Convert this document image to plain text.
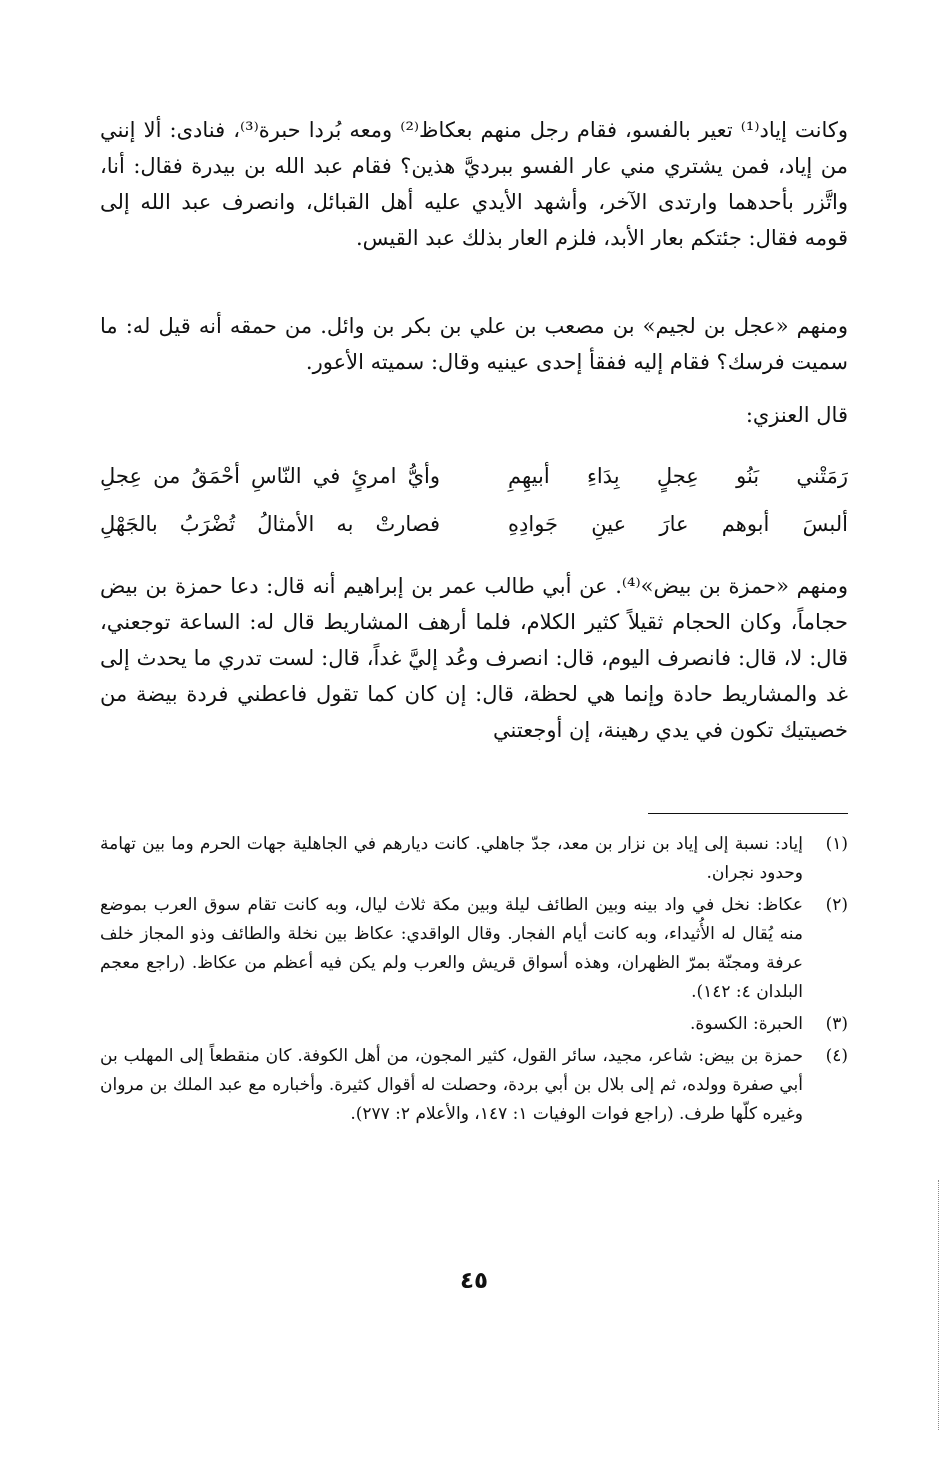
وكانت إياد⁽¹⁾ تعير بالفسو، فقام رجل منهم بعكاظ⁽²⁾ ومعه بُردا حبرة⁽³⁾، فنادى: ألا إنني من إياد، فمن يشتري مني عار الفسو ببرديَّ هذين؟ فقام عبد الله بن بيدرة فقال: أنا، واتَّزر بأحدهما وارتدى الآخر، وأشهد الأيدي عليه أهل القبائل، وانصرف عبد الله إلى قومه فقال: جئتكم بعار الأبد، فلزم العار بذلك عبد القيس.

ومنهم «عجل بن لجيم» بن مصعب بن علي بن بكر بن وائل. من حمقه أنه قيل له: ما سميت فرسك؟ فقام إليه ففقأ إحدى عينيه وقال: سميته الأعور.

قال العنزي:

رَمَتْني بَنُو عِجلٍ بِدَاءِ أبيهِمِ
وأيُّ امرئٍ في النّاسِ أحْمَقُ من عِجلِ
ألبسَ أبوهم عارَ عينِ جَوادِهِ
فصارتْ به الأمثالُ تُضْرَبُ بالجَهْلِ

ومنهم «حمزة بن بيض»⁽⁴⁾. عن أبي طالب عمر بن إبراهيم أنه قال: دعا حمزة بن بيض حجاماً، وكان الحجام ثقيلاً كثير الكلام، فلما أرهف المشاريط قال له: الساعة توجعني، قال: لا، قال: فانصرف اليوم، قال: انصرف وعُد إليَّ غداً، قال: لست تدري ما يحدث إلى غد والمشاريط حادة وإنما هي لحظة، قال: إن كان كما تقول فاعطني فردة بيضة من خصيتيك تكون في يدي رهينة، إن أوجعتني

(١)
إياد: نسبة إلى إياد بن نزار بن معد، جدّ جاهلي. كانت ديارهم في الجاهلية جهات الحرم وما بين تهامة وحدود نجران.
(٢)
عكاظ: نخل في واد بينه وبين الطائف ليلة وبين مكة ثلاث ليال، وبه كانت تقام سوق العرب بموضع منه يُقال له الأُثيداء، وبه كانت أيام الفجار. وقال الواقدي: عكاظ بين نخلة والطائف وذو المجاز خلف عرفة ومجنّة بمرّ الظهران، وهذه أسواق قريش والعرب ولم يكن فيه أعظم من عكاظ. (راجع معجم البلدان ٤: ١٤٢).
(٣)
الحبرة: الكسوة.
(٤)
حمزة بن بيض: شاعر، مجيد، سائر القول، كثير المجون، من أهل الكوفة. كان منقطعاً إلى المهلب بن أبي صفرة وولده، ثم إلى بلال بن أبي بردة، وحصلت له أقوال كثيرة. وأخباره مع عبد الملك بن مروان وغيره كلّها طرف. (راجع فوات الوفيات ١: ١٤٧، والأعلام ٢: ٢٧٧).
٤٥
